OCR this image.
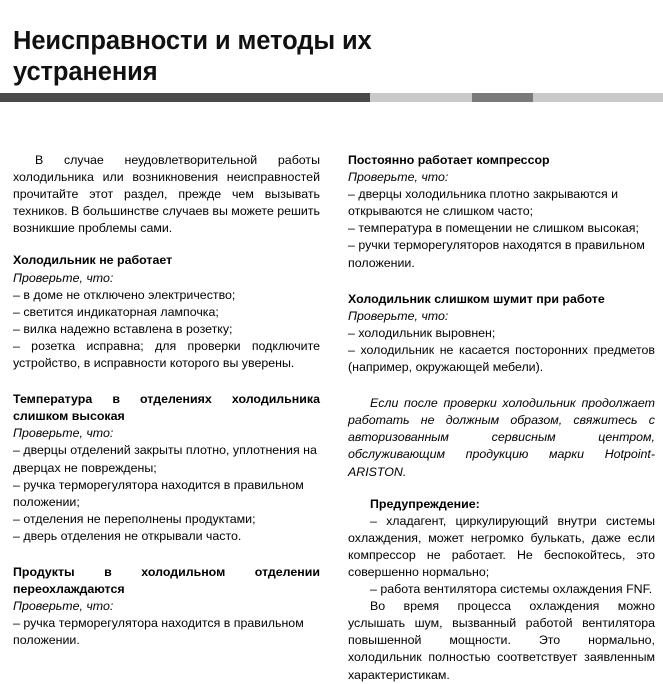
Неисправности и методы их устранения

В случае неудовлетворительной работы холодильника или возникновения неисправностей прочитайте этот раздел, прежде чем вызывать техников. В большинстве случаев вы можете решить возникшие проблемы сами.

Холодильник не работает

Проверьте, что:

– в доме не отключено электричество;

– светится индикаторная лампочка;

– вилка надежно вставлена в розетку;

– розетка исправна; для проверки подключите устройство, в исправности которого вы уверены.

Температура в отделениях холодильника слишком высокая

Проверьте, что:

– дверцы отделений закрыты плотно, уплотнения на дверцах не повреждены;

– ручка терморегулятора находится в правильном положении;

– отделения не переполнены продуктами;

– дверь отделения не открывали часто.

Продукты в холодильном отделении переохлаждаются

Проверьте, что:

– ручка терморегулятора находится в правильном положении.

Постоянно работает компрессор

Проверьте, что:

– дверцы холодильника плотно закрываются и открываются не слишком часто;

– температура в помещении не слишком высокая;

– ручки терморегуляторов находятся в правильном положении.

Холодильник слишком шумит при работе

Проверьте, что:

– холодильник выровнен;

– холодильник не касается посторонних предметов (например, окружающей мебели).

Если после проверки холодильник продолжает работать не должным образом, свяжитесь с авторизованным сервисным центром, обслуживающим продукцию марки Hotpoint-ARISTON.

Предупреждение:

– хладагент, циркулирующий внутри системы охлаждения, может негромко булькать, даже если компрессор не работает. Не беспокойтесь, это совершенно нормально;

– работа вентилятора системы охлаждения FNF.

Во время процесса охлаждения можно услышать шум, вызванный работой вентилятора повышенной мощности. Это нормально, холодильник полностью соответствует заявленным характеристикам.
